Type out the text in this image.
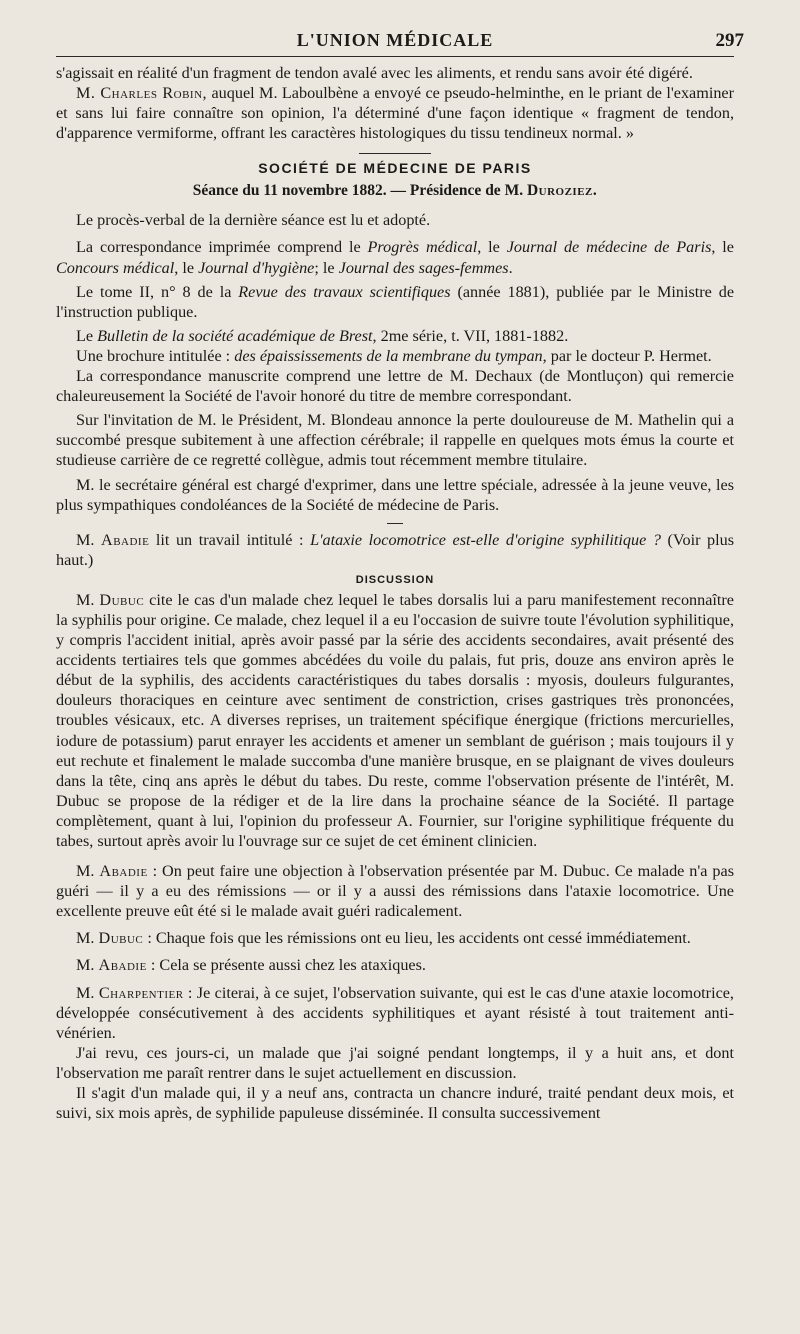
L'UNION MÉDICALE	297

s'agissait en réalité d'un fragment de tendon avalé avec les aliments, et rendu sans avoir été digéré.

M. Charles Robin, auquel M. Laboulbène a envoyé ce pseudo-helminthe, en le priant de l'examiner et sans lui faire connaître son opinion, l'a déterminé d'une façon identique « fragment de tendon, d'apparence vermiforme, offrant les caractères histologiques du tissu tendineux normal. »

SOCIÉTÉ DE MÉDECINE DE PARIS
Séance du 11 novembre 1882. — Présidence de M. Duroziez.

Le procès-verbal de la dernière séance est lu et adopté.

La correspondance imprimée comprend le Progrès médical, le Journal de médecine de Paris, le Concours médical, le Journal d'hygiène; le Journal des sages-femmes.

Le tome II, n° 8 de la Revue des travaux scientifiques (année 1881), publiée par le Ministre de l'instruction publique.

Le Bulletin de la société académique de Brest, 2me série, t. VII, 1881-1882.

Une brochure intitulée : des épaississements de la membrane du tympan, par le docteur P. Hermet.

La correspondance manuscrite comprend une lettre de M. Dechaux (de Montluçon) qui remercie chaleureusement la Société de l'avoir honoré du titre de membre correspondant.

Sur l'invitation de M. le Président, M. Blondeau annonce la perte douloureuse de M. Mathelin qui a succombé presque subitement à une affection cérébrale; il rappelle en quelques mots émus la courte et studieuse carrière de ce regretté collègue, admis tout récemment membre titulaire.

M. le secrétaire général est chargé d'exprimer, dans une lettre spéciale, adressée à la jeune veuve, les plus sympathiques condoléances de la Société de médecine de Paris.

M. Abadie lit un travail intitulé : L'ataxie locomotrice est-elle d'origine syphilitique ? (Voir plus haut.)

DISCUSSION

M. Dubuc cite le cas d'un malade chez lequel le tabes dorsalis lui a paru manifestement reconnaître la syphilis pour origine. Ce malade, chez lequel il a eu l'occasion de suivre toute l'évolution syphilitique, y compris l'accident initial, après avoir passé par la série des accidents secondaires, avait présenté des accidents tertiaires tels que gommes abcédées du voile du palais, fut pris, douze ans environ après le début de la syphilis, des accidents caractéristiques du tabes dorsalis : myosis, douleurs fulgurantes, douleurs thoraciques en ceinture avec sentiment de constriction, crises gastriques très prononcées, troubles vésicaux, etc. A diverses reprises, un traitement spécifique énergique (frictions mercurielles, iodure de potassium) parut enrayer les accidents et amener un semblant de guérison ; mais toujours il y eut rechute et finalement le malade succomba d'une manière brusque, en se plaignant de vives douleurs dans la tête, cinq ans après le début du tabes. Du reste, comme l'observation présente de l'intérêt, M. Dubuc se propose de la rédiger et de la lire dans la prochaine séance de la Société. Il partage complètement, quant à lui, l'opinion du professeur A. Fournier, sur l'origine syphilitique fréquente du tabes, surtout après avoir lu l'ouvrage sur ce sujet de cet éminent clinicien.

M. Abadie : On peut faire une objection à l'observation présentée par M. Dubuc. Ce malade n'a pas guéri — il y a eu des rémissions — or il y a aussi des rémissions dans l'ataxie locomotrice. Une excellente preuve eût été si le malade avait guéri radicalement.

M. Dubuc : Chaque fois que les rémissions ont eu lieu, les accidents ont cessé immédiatement.

M. Abadie : Cela se présente aussi chez les ataxiques.

M. Charpentier : Je citerai, à ce sujet, l'observation suivante, qui est le cas d'une ataxie locomotrice, développée consécutivement à des accidents syphilitiques et ayant résisté à tout traitement anti-vénérien.

J'ai revu, ces jours-ci, un malade que j'ai soigné pendant longtemps, il y a huit ans, et dont l'observation me paraît rentrer dans le sujet actuellement en discussion.

Il s'agit d'un malade qui, il y a neuf ans, contracta un chancre induré, traité pendant deux mois, et suivi, six mois après, de syphilide papuleuse disséminée. Il consulta successivement
